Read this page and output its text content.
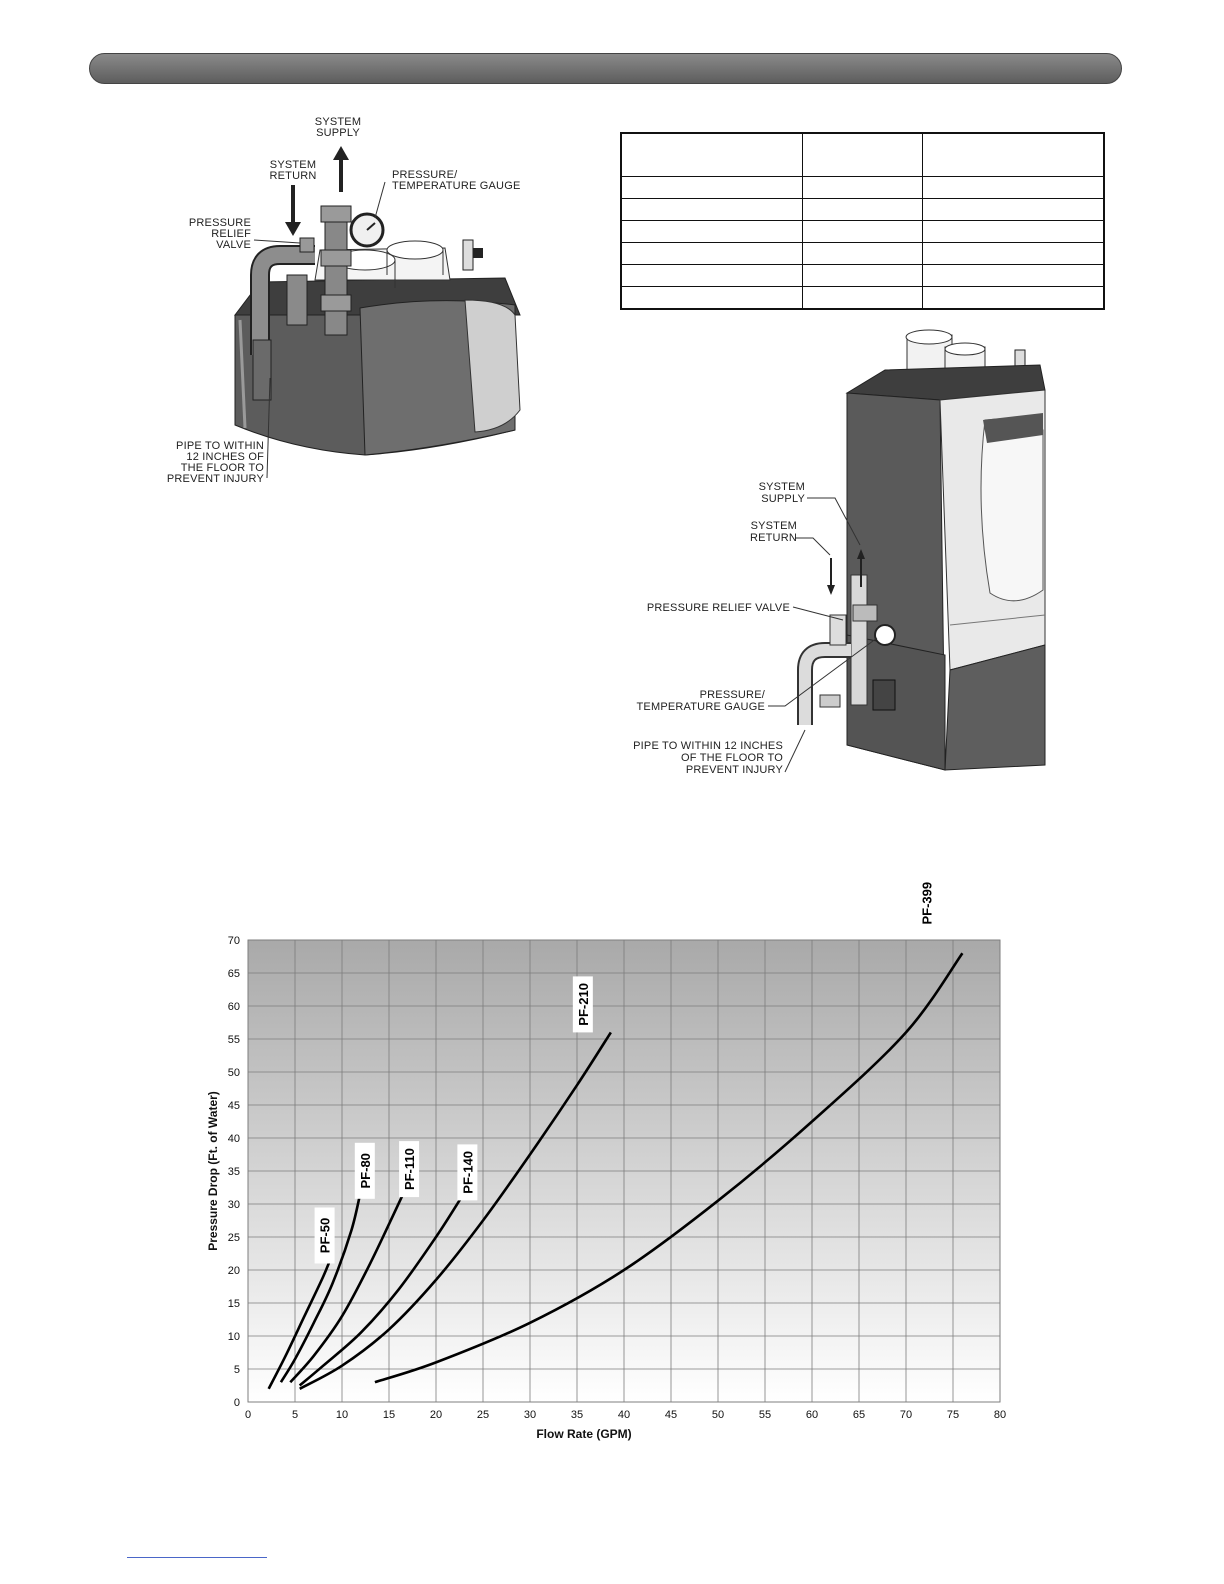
SYSTEM
SUPPLY
SYSTEM
RETURN	PRESSURE/
TEMPERATURE GAUGE
PRESSURE
RELIEF
VALVE
PIPE TO WITHIN
12 INCHES OF
THE FLOOR TO
PREVENT INJURY

SYSTEM
SUPPLY
SYSTEM
RETURN
PRESSURE RELIEF VALVE
PRESSURE/
TEMPERATURE GAUGE
PIPE TO WITHIN 12 INCHES
OF THE FLOOR TO
PREVENT INJURY
0	5	10	15	20	25	30	35	40	45	50	55	60	65	70	75	80
0
5
10
15
20
25
30
35
40
45
50
55
60
65
70
Flow Rate (GPM)
Pressure Drop (Ft. of Water)	PF-50
PF-80 PF-110	PF-140
PF-210
PF-399
